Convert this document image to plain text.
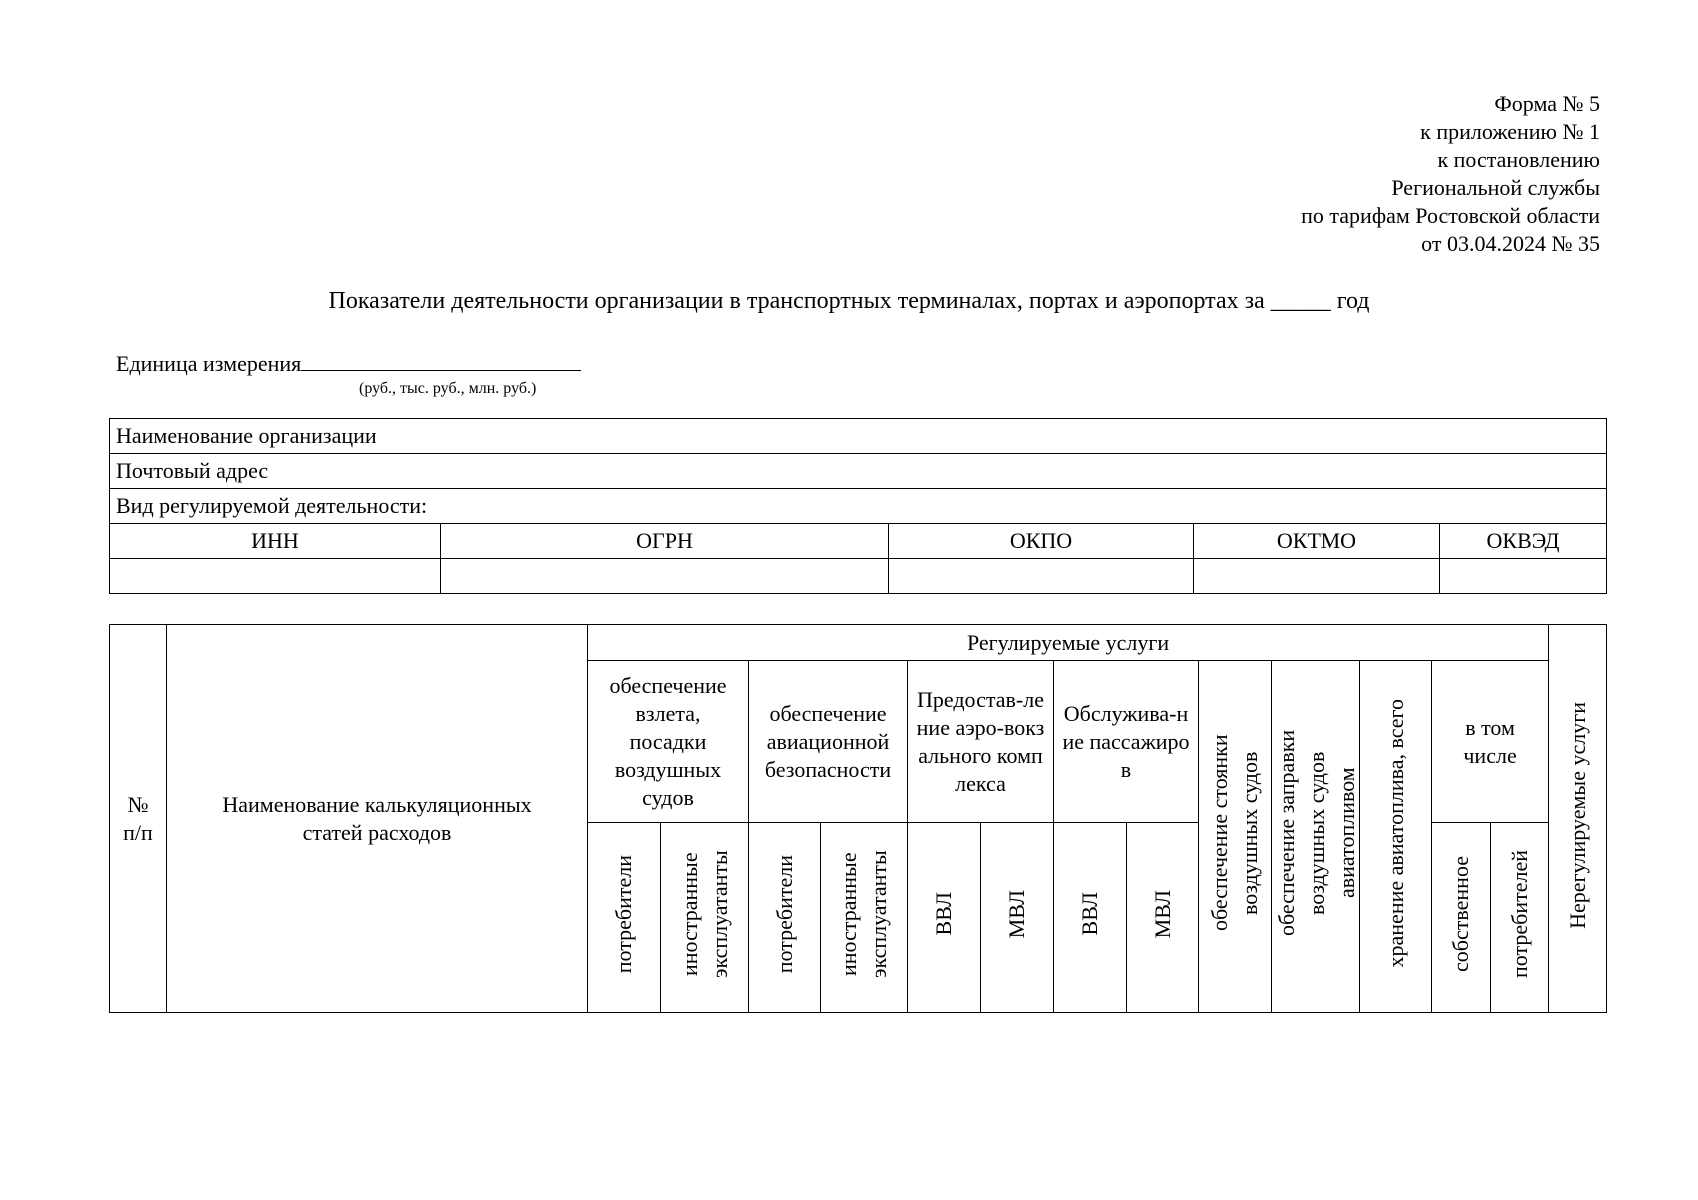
Форма № 5
к приложению № 1
к постановлению
Региональной службы
по тарифам Ростовской области
от 03.04.2024 № 35
Показатели деятельности организации в транспортных терминалах, портах и аэропортах за _____ год
Единица измерения
(руб., тыс. руб., млн. руб.)
Наименование организации				
Почтовый адрес				
Вид регулируемой деятельности:				
ИНН	ОГРН	ОКПО	ОКТМО	ОКВЭД

№ п/п	Наименование калькуляционных статей расходов	Регулируемые услуги													Нерегулируемые услуги
		обеспечение взлета, посадки воздушных судов		обеспечение авиационной безопасности		Предостав-ление аэро-вокзального комплекса		Обслужива-ние пассажиров		обеспечение стоянки воздушных судов	обеспечение заправки воздушных судов авиатопливом	хранение авиатоплива, всего	в том числе		
		потребители	иностранные эксплуатанты	потребители	иностранные эксплуатанты	ВВЛ	МВЛ	ВВЛ	МВЛ				собственное	потребителей	
